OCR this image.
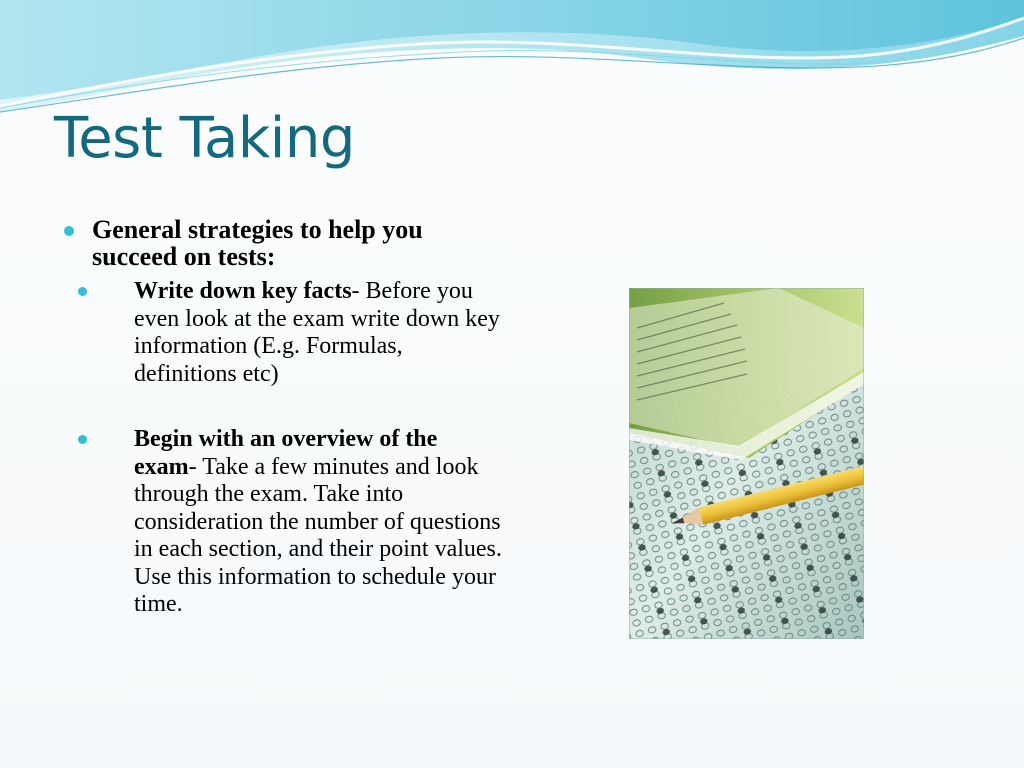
Test Taking
General strategies to help you succeed on tests:
Write down key facts- Before you even look at the exam write down key information (E.g. Formulas, definitions etc)
Begin with an overview of the exam- Take a few minutes and look through the exam. Take into consideration the number of questions in each section, and their point values. Use this information to schedule your time.
